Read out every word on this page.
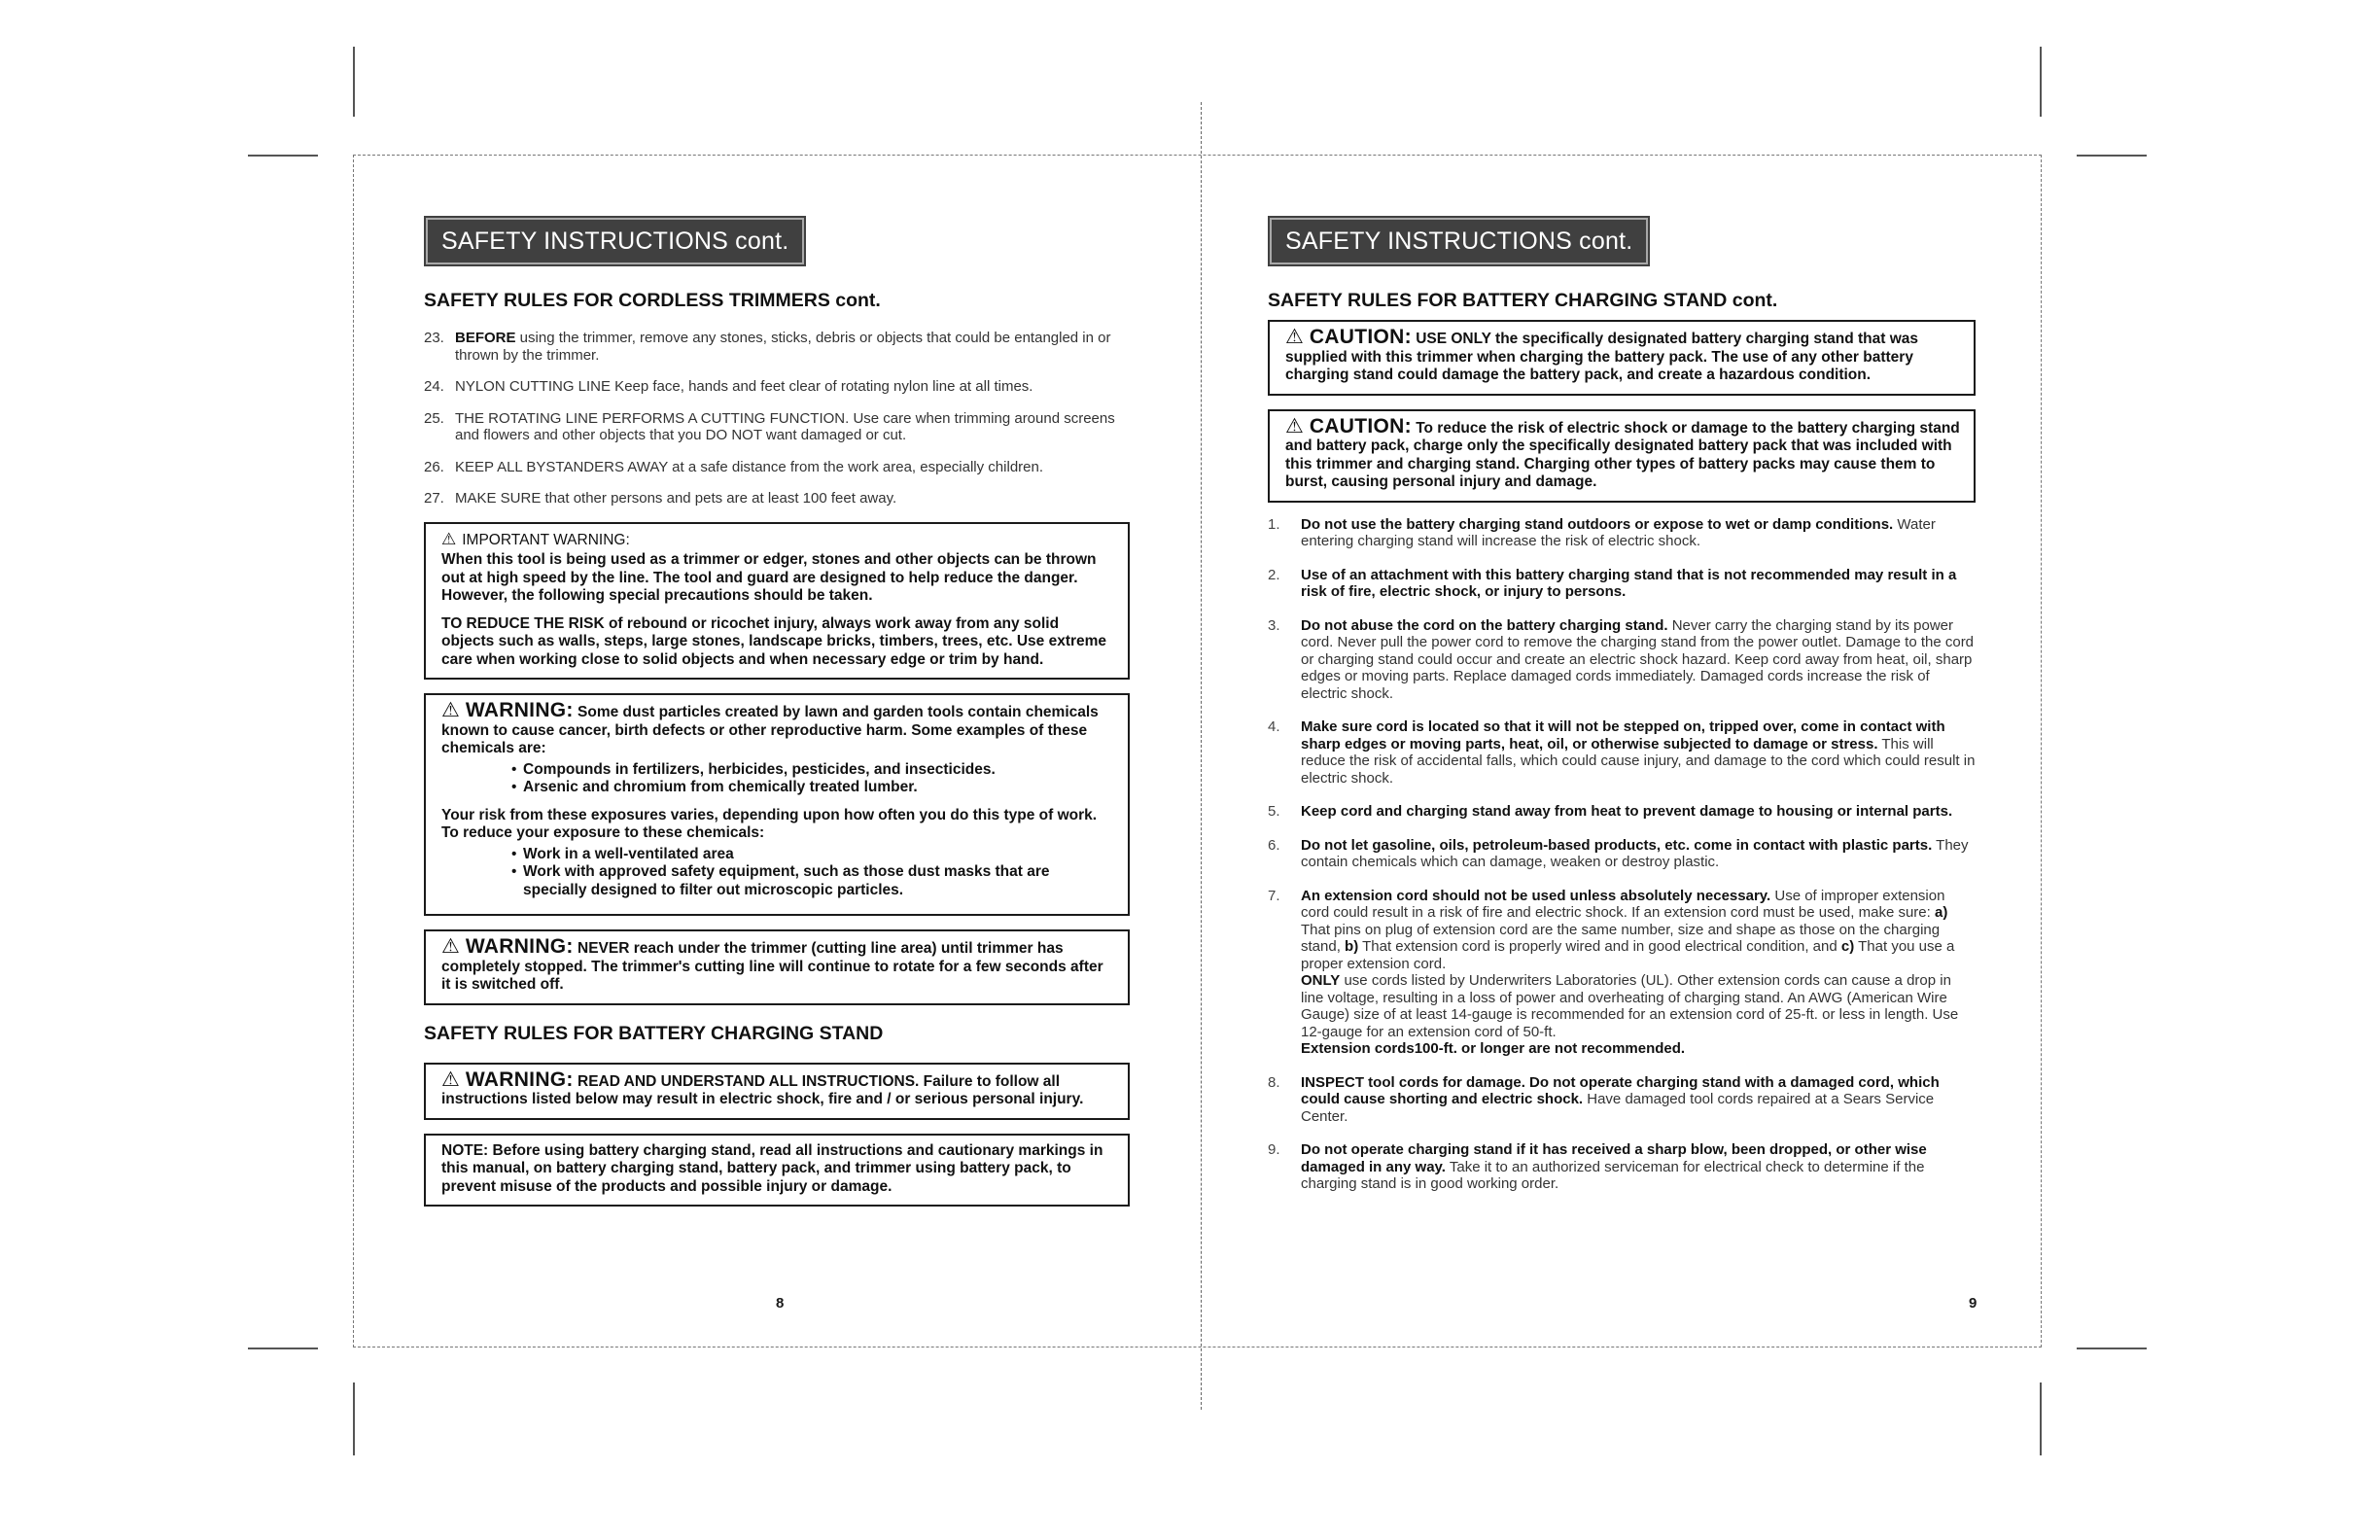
SAFETY INSTRUCTIONS cont.
SAFETY RULES FOR CORDLESS TRIMMERS cont.
23. BEFORE using the trimmer, remove any stones, sticks, debris or objects that could be entangled in or thrown by the trimmer.
24. NYLON CUTTING LINE Keep face, hands and feet clear of rotating nylon line at all times.
25. THE ROTATING LINE PERFORMS A CUTTING FUNCTION. Use care when trimming around screens and flowers and other objects that you DO NOT want damaged or cut.
26. KEEP ALL BYSTANDERS AWAY at a safe distance from the work area, especially children.
27. MAKE SURE that other persons and pets are at least 100 feet away.

⚠ IMPORTANT WARNING:

When this tool is being used as a trimmer or edger, stones and other objects can be thrown out at high speed by the line. The tool and guard are designed to help reduce the danger. However, the following special precautions should be taken.

TO REDUCE THE RISK of rebound or ricochet injury, always work away from any solid objects such as walls, steps, large stones, landscape bricks, timbers, trees, etc. Use extreme care when working close to solid objects and when necessary edge or trim by hand.

⚠ WARNING: Some dust particles created by lawn and garden tools contain chemicals known to cause cancer, birth defects or other reproductive harm. Some examples of these chemicals are:

• Compounds in fertilizers, herbicides, pesticides, and insecticides.
• Arsenic and chromium from chemically treated lumber.

Your risk from these exposures varies, depending upon how often you do this type of work. To reduce your exposure to these chemicals:

• Work in a well-ventilated area
• Work with approved safety equipment, such as those dust masks that are specially designed to filter out microscopic particles.

⚠ WARNING: NEVER reach under the trimmer (cutting line area) until trimmer has completely stopped. The trimmer's cutting line will continue to rotate for a few seconds after it is switched off.

SAFETY RULES FOR BATTERY CHARGING STAND

⚠ WARNING: READ AND UNDERSTAND ALL INSTRUCTIONS. Failure to follow all instructions listed below may result in electric shock, fire and / or serious personal injury.

NOTE: Before using battery charging stand, read all instructions and cautionary markings in this manual, on battery charging stand, battery pack, and trimmer using battery pack, to prevent misuse of the products and possible injury or damage.

8
SAFETY INSTRUCTIONS cont.
SAFETY RULES FOR BATTERY CHARGING STAND cont.

⚠ CAUTION: USE ONLY the specifically designated battery charging stand that was supplied with this trimmer when charging the battery pack. The use of any other battery charging stand could damage the battery pack, and create a hazardous condition.

⚠ CAUTION: To reduce the risk of electric shock or damage to the battery charging stand and battery pack, charge only the specifically designated battery pack that was included with this trimmer and charging stand. Charging other types of battery packs may cause them to burst, causing personal injury and damage.

1.	Do not use the battery charging stand outdoors or expose to wet or damp conditions. Water entering charging stand will increase the risk of electric shock.
2.	Use of an attachment with this battery charging stand that is not recommended may result in a risk of fire, electric shock, or injury to persons.
3.	Do not abuse the cord on the battery charging stand. Never carry the charging stand by its power cord. Never pull the power cord to remove the charging stand from the power outlet. Damage to the cord or charging stand could occur and create an electric shock hazard. Keep cord away from heat, oil, sharp edges or moving parts. Replace damaged cords immediately. Damaged cords increase the risk of electric shock.
4.	Make sure cord is located so that it will not be stepped on, tripped over, come in contact with sharp edges or moving parts, heat, oil, or otherwise subjected to damage or stress. This will reduce the risk of accidental falls, which could cause injury, and damage to the cord which could result in electric shock.
5.	Keep cord and charging stand away from heat to prevent damage to housing or internal parts.
6.	Do not let gasoline, oils, petroleum-based products, etc. come in contact with plastic parts. They contain chemicals which can damage, weaken or destroy plastic.
7.	An extension cord should not be used unless absolutely necessary. Use of improper extension cord could result in a risk of fire and electric shock. If an extension cord must be used, make sure: a) That pins on plug of extension cord are the same number, size and shape as those on the charging stand, b) That extension cord is properly wired and in good electrical condition, and c) That you use a proper extension cord.
ONLY use cords listed by Underwriters Laboratories (UL). Other extension cords can cause a drop in line voltage, resulting in a loss of power and overheating of charging stand. An AWG (American Wire Gauge) size of at least 14-gauge is recommended for an extension cord of 25-ft. or less in length. Use 12-gauge for an extension cord of 50-ft.
Extension cords100-ft. or longer are not recommended.
8.	INSPECT tool cords for damage. Do not operate charging stand with a damaged cord, which could cause shorting and electric shock. Have damaged tool cords repaired at a Sears Service Center.
9.	Do not operate charging stand if it has received a sharp blow, been dropped, or other wise damaged in any way. Take it to an authorized serviceman for electrical check to determine if the charging stand is in good working order.
9
